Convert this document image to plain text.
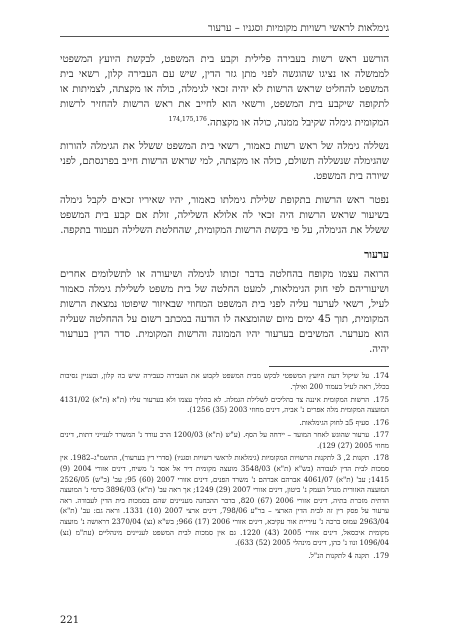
גימלאות לראשי רשויות מקומיות וסגניו – ערעור

הורשע ראש רשות בעבירה פלילית וקבע בית המשפט, לבקשת היועץ המשפטי לממשלה או נציגו שהוגשה לפני מתן גזר הדין, שיש עם העבירה קלון, רשאי בית המשפט להחליט שראש הרשות לא יהיה זכאי לגימלה, כולה או מקצתה, לצמיתות או לתקופה שיקבע בית המשפט, ורשאי הוא לחייב את ראש הרשות להחזיר לרשות המקומית גימלה שקיבל ממנה, כולה או מקצתה.$^{174,175,176}$

נשללה גימלה של ראש רשות כאמור, רשאי בית המשפט ששלל את הגימלה להורות שהגימלה שנשללה תשולם, כולה או מקצתה, למי שראש הרשות חייב בפרנסתם, לפני שיורה בית המשפט.

נפטר ראש הרשות בתקופת שלילת גימלתו כאמור, יהיו שאיריו זכאים לקבל גימלה בשיעור שראש הרשות היה זכאי לה אלולא השלילה, זולת אם קבע בית המשפט ששלל את הגימלה, על פי בקשת הרשות המקומית, שהחלטת השלילה תעמוד בתקפה.

ערעור

הרואה עצמו מקופח בהחלטה בדבר זכותו לגימלה ושיעורה או לתשלומים אחרים ושיעוריהם לפי חוק הגימלאות, למעט החלטה של בית משפט לשלילת גימלה כאמור לעיל, רשאי לערער עליה לפני בית המשפט המחוזי שבאיזור שיפוטו נמצאת הרשות המקומית, תוך 45 ימים מיום שהומצאה לו הודעה במכתב רשום על ההחלטה שעליה הוא מערער. המשיבים בערעור יהיו הממונה והרשות המקומית. סדר הדין בערעור יהיה.

174.על שיקול דעת היועץ המשפטי לבקש מבית המשפט לקבוע את העבירה כעבירה שיש בה קלון, ובעניין נסיבות בכלל, ראה לעיל בעמוד 200 ואילך.
175.הרשות המקומית איננה צד בהליכים לשלילת הגמלה. לא בהליך עצמו ולא בערעור עליו (ת"א (ת"א) 4131/02 המועצה המקומית מלה אפרים נ' אביה, דינים מחוזי 2003 (35) 1256).
176.סעיף 5ב לחוק הגימלאות.
177.ערעור שהוגש לאחר המועד – יידחה על הסף. (ע"ש (ת"א) 1200/03 הרב עודד נ' המשרד לענייני דתות, דינים מחוזי 2005 (27) 129).
178.תקנות 2, 3 לתקנות הרשויות המקומיות (גימלאות לראשי רשויות וסגניו) (סדרי דין בערעור), התשמ"ג–1982. אין סמכות לבית הדין לעבודה (בש"א (ת"א) 3548/03 מועצה מקומית דיר אל אסד נ' משיח, דינים אזורי 2004 (9) 1415; עב' (ת"א) 4061/07 אברהם אברהם נ' משרד הפנים, דינים אזורי 2007 (60) 95; עב' (ב"ש) 2526/05 המועצה האזורית מגדל העמק נ' ביטון, דינים אזורי 2007 (29) 1249; אך ראה עב' (ת"א) 3896/03 כרמי נ' המועצה הדתית מזכרת בתיה, דינים אזורי 2006 (67) 820, בדבר ההבחנה מעניינים שהם בסמכות בית הדין לעבודה. ראה ערעור על פסק דין זה לבית הדין הארצי – בר"ע 798/06, דינים ארצי 2007 (10) 1331. וראה גם: עב' (ת"א) 2963/04 עמוס ברכה נ' עיריית אור עקיבא, דינים אזורי 2006 (17) 966; בש"א (נצ) 2370/04 דראושה נ' מועצה מקומית איכסאל, דינים אזורי 2005 (43) 1220. גם אין סמכות לבית המשפט לעניינים מינהליים (עת"מ (נצ) 1096/04 זנוו נ' כהן, דינים מינהלי 2005 (52) 633).
179.תקנה 4 לתקנות הנ"ל.
221
